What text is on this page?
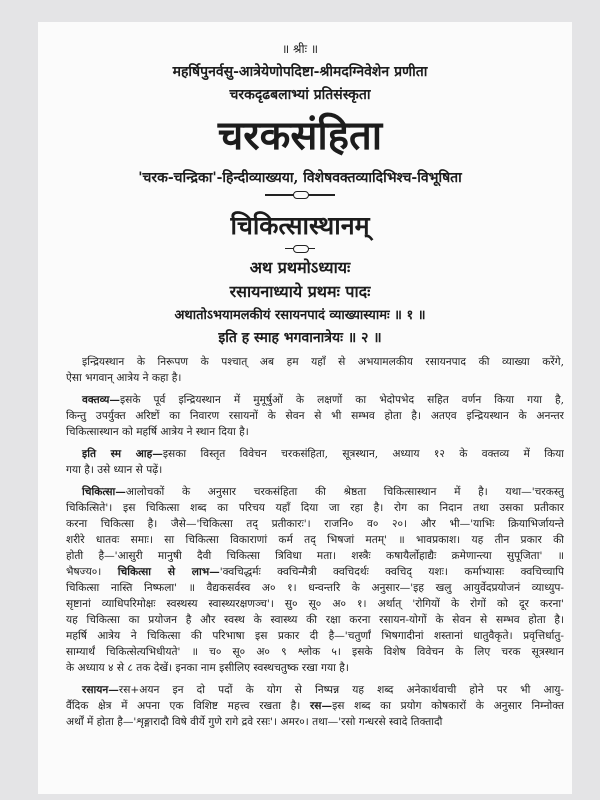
॥ श्रीः ॥
महर्षिपुनर्वसु-आत्रेयेणोपदिष्टा-श्रीमदग्निवेशेन प्रणीता
चरकदृढबलाभ्यां प्रतिसंस्कृता
चरकसंहिता
'चरक-चन्द्रिका'-हिन्दीव्याख्यया, विशेषवक्तव्यादिभिश्च-विभूषिता
चिकित्सास्थानम्
अथ प्रथमोऽध्यायः
रसायनाध्याये प्रथमः पादः
अथातोऽभयामलकीयं रसायनपादं व्याख्यास्यामः ॥ १ ॥
इति ह स्माह भगवानात्रेयः ॥ २ ॥
इन्द्रियस्थान के निरूपण के पश्चात् अब हम यहाँ से अभयामलकीय रसायनपाद की व्याख्या करेंगे,
ऐसा भगवान् आत्रेय ने कहा है।
वक्तव्य—इसके पूर्व इन्द्रियस्थान में मुमूर्षुओं के लक्षणों का भेदोपभेद सहित वर्णन किया गया है,
किन्तु उपर्युक्त अरिष्टों का निवारण रसायनों के सेवन से भी सम्भव होता है। अतएव इन्द्रियस्थान के अनन्तर
चिकित्सास्थान को महर्षि आत्रेय ने स्थान दिया है।
इति स्म आह—इसका विस्तृत विवेचन चरकसंहिता, सूत्रस्थान, अध्याय १२ के वक्तव्य में किया
गया है। उसे ध्यान से पढ़ें।
चिकित्सा—आलोचकों के अनुसार चरकसंहिता की श्रेष्ठता चिकित्सास्थान में है। यथा—'चरकस्तु
चिकित्सिते'। इस चिकित्सा शब्द का परिचय यहाँ दिया जा रहा है। रोग का निदान तथा उसका प्रतीकार
करना चिकित्सा है। जैसे—'चिकित्सा तद् प्रतीकारः'। राजनि० व० २०। और भी—'याभिः क्रियाभिर्जायन्ते
शरीरे धातवः समाः। सा चिकित्सा विकाराणां कर्म तद् भिषजां मतम्' ॥ भावप्रकाश। यह तीन प्रकार की
होती है—'आसुरी मानुषी दैवी चिकित्सा त्रिविधा मता। शस्त्रैः कषायैर्लोहाद्यैः क्रमेणान्त्या सुपूजिता' ॥
भैषज्य०। चिकित्सा से लाभ—'क्वचिद्धर्मः क्वचिन्मैत्री क्वचिदर्थः क्वचिद् यशः। कर्माभ्यासः क्वचिच्चापि
चिकित्सा नास्ति निष्फला' ॥ वैद्यकसर्वस्व अ० १। धन्वन्तरि के अनुसार—'इह खलु आयुर्वेदप्रयोजनं व्याध्युप-
सृष्टानां व्याधिपरिमोक्षः स्वस्थस्य स्वास्थ्यरक्षणञ्च'। सु० सू० अ० १। अर्थात् 'रोगियों के रोगों को दूर करना'
यह चिकित्सा का प्रयोजन है और स्वस्थ के स्वास्थ्य की रक्षा करना रसायन-योगों के सेवन से सम्भव होता है।
महर्षि आत्रेय ने चिकित्सा की परिभाषा इस प्रकार दी है—'चतुर्णां भिषगादीनां शस्तानां धातुवैकृते। प्रवृत्तिर्धातु-
साम्यार्थं चिकित्सेत्यभिधीयते' ॥ च० सू० अ० ९ श्लोक ५। इसके विशेष विवेचन के लिए चरक सूत्रस्थान
के अध्याय ४ से ८ तक देखें। इनका नाम इसीलिए स्वस्थचतुष्क रखा गया है।
रसायन—रस+अयन इन दो पदों के योग से निष्पन्न यह शब्द अनेकार्थवाची होने पर भी आयु-
र्वैदिक क्षेत्र में अपना एक विशिष्ट महत्त्व रखता है। रस—इस शब्द का प्रयोग कोषकारों के अनुसार निम्नोक्त
अर्थों में होता है—'शृङ्गारादौ विषे वीर्ये गुणे रागे द्रवे रसः'। अमर०। तथा—'रसो गन्धरसे स्वादे तिक्तादौ
